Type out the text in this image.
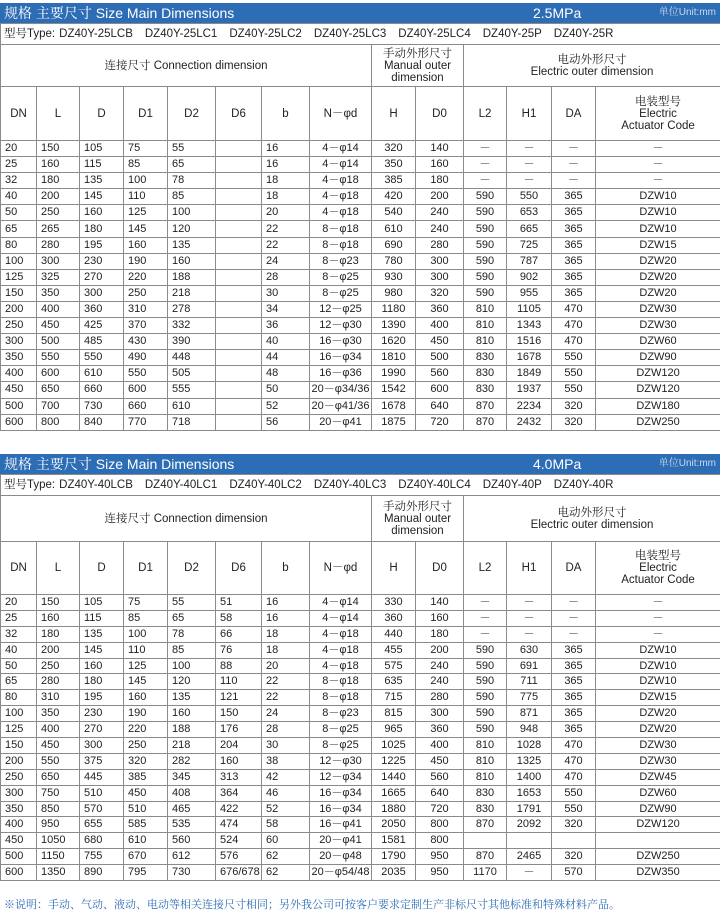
规格 主要尺寸 Size Main Dimensions	2.5MPa	单位Unit:mm
型号Type: DZ40Y-25LCB DZ40Y-25LC1 DZ40Y-25LC2 DZ40Y-25LC3 DZ40Y-25LC4 DZ40Y-25P DZ40Y-25R													
连接尺寸 Connection dimension								手动外形尺寸
Manual outer
dimension		电动外形尺寸
Electric outer dimension			
DN	L	D	D1	D2	D6	b	N－φd	H	D0	L2	H1	DA	电装型号
Electric
Actuator Code
20	150	105	75	55		16	4－φ14	320	140	－	－	－	－
25	160	115	85	65		16	4－φ14	350	160	－	－	－	－
32	180	135	100	78		18	4－φ18	385	180	－	－	－	－
40	200	145	110	85		18	4－φ18	420	200	590	550	365	DZW10
50	250	160	125	100		20	4－φ18	540	240	590	653	365	DZW10
65	265	180	145	120		22	8－φ18	610	240	590	665	365	DZW10
80	280	195	160	135		22	8－φ18	690	280	590	725	365	DZW15
100	300	230	190	160		24	8－φ23	780	300	590	787	365	DZW20
125	325	270	220	188		28	8－φ25	930	300	590	902	365	DZW20
150	350	300	250	218		30	8－φ25	980	320	590	955	365	DZW20
200	400	360	310	278		34	12－φ25	1180	360	810	1105	470	DZW30
250	450	425	370	332		36	12－φ30	1390	400	810	1343	470	DZW30
300	500	485	430	390		40	16－φ30	1620	450	810	1516	470	DZW60
350	550	550	490	448		44	16－φ34	1810	500	830	1678	550	DZW90
400	600	610	550	505		48	16－φ36	1990	560	830	1849	550	DZW120
450	650	660	600	555		50	20－φ34/36	1542	600	830	1937	550	DZW120
500	700	730	660	610		52	20－φ41/36	1678	640	870	2234	320	DZW180
600	800	840	770	718		56	20－φ41	1875	720	870	2432	320	DZW250
规格 主要尺寸 Size Main Dimensions	4.0MPa	单位Unit:mm
型号Type: DZ40Y-40LCB DZ40Y-40LC1 DZ40Y-40LC2 DZ40Y-40LC3 DZ40Y-40LC4 DZ40Y-40P DZ40Y-40R													
连接尺寸 Connection dimension								手动外形尺寸
Manual outer
dimension		电动外形尺寸
Electric outer dimension			
DN	L	D	D1	D2	D6	b	N－φd	H	D0	L2	H1	DA	电装型号
Electric
Actuator Code
20	150	105	75	55	51	16	4－φ14	330	140	－	－	－	－
25	160	115	85	65	58	16	4－φ14	360	160	－	－	－	－
32	180	135	100	78	66	18	4－φ18	440	180	－	－	－	－
40	200	145	110	85	76	18	4－φ18	455	200	590	630	365	DZW10
50	250	160	125	100	88	20	4－φ18	575	240	590	691	365	DZW10
65	280	180	145	120	110	22	8－φ18	635	240	590	711	365	DZW10
80	310	195	160	135	121	22	8－φ18	715	280	590	775	365	DZW15
100	350	230	190	160	150	24	8－φ23	815	300	590	871	365	DZW20
125	400	270	220	188	176	28	8－φ25	965	360	590	948	365	DZW20
150	450	300	250	218	204	30	8－φ25	1025	400	810	1028	470	DZW30
200	550	375	320	282	160	38	12－φ30	1225	450	810	1325	470	DZW30
250	650	445	385	345	313	42	12－φ34	1440	560	810	1400	470	DZW45
300	750	510	450	408	364	46	16－φ34	1665	640	830	1653	550	DZW60
350	850	570	510	465	422	52	16－φ34	1880	720	830	1791	550	DZW90
400	950	655	585	535	474	58	16－φ41	2050	800	870	2092	320	DZW120
450	1050	680	610	560	524	60	20－φ41	1581	800				
500	1150	755	670	612	576	62	20－φ48	1790	950	870	2465	320	DZW250
600	1350	890	795	730	676/678	62	20－φ54/48	2035	950	1170	－	570	DZW350
※说明：手动、气动、液动、电动等相关连接尺寸相同；另外我公司可按客户要求定制生产非标尺寸其他标准和特殊材料产品。
